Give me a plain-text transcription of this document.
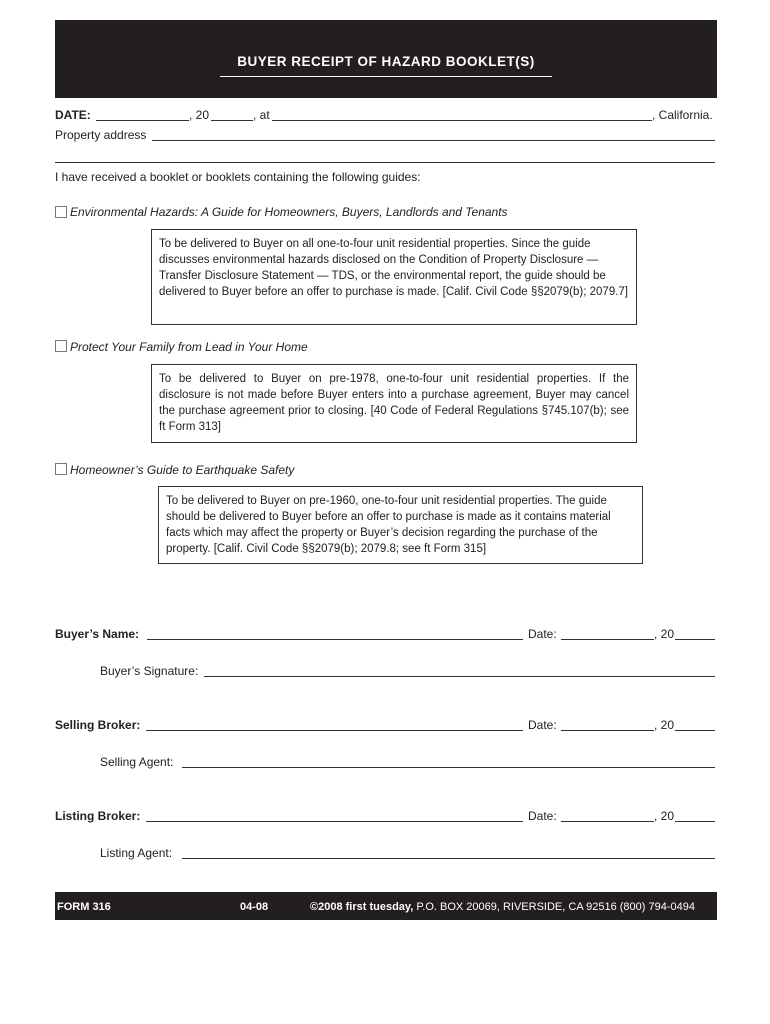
BUYER RECEIPT OF HAZARD BOOKLET(S)
DATE:	, 20	, at	, California.
Property address
I have received a booklet or booklets containing the following guides:
Environmental Hazards: A Guide for Homeowners, Buyers, Landlords and Tenants
To be delivered to Buyer on all one-to-four unit residential properties. Since the guide discusses environmental hazards disclosed on the Condition of Property Disclosure — Transfer Disclosure Statement — TDS, or the environmental report, the guide should be delivered to Buyer before an offer to purchase is made. [Calif. Civil Code §§2079(b); 2079.7]
Protect Your Family from Lead in Your Home
To be delivered to Buyer on pre-1978, one-to-four unit residential properties. If the disclosure is not made before Buyer enters into a purchase agreement, Buyer may cancel the purchase agreement prior to closing. [40 Code of Federal Regulations §745.107(b); see ft Form 313]
Homeowner’s Guide to Earthquake Safety
To be delivered to Buyer on pre-1960, one-to-four unit residential properties. The guide should be delivered to Buyer before an offer to purchase is made as it contains material facts which may affect the property or Buyer’s decision regarding the purchase of the property. [Calif. Civil Code §§2079(b); 2079.8; see ft Form 315]
Buyer’s Name:	Date:	, 20
Buyer’s Signature:
Selling Broker:	Date:	, 20
Selling Agent:
Listing Broker:	Date:	, 20
Listing Agent:
FORM 316	04-08	©2008 first tuesday, P.O. BOX 20069, RIVERSIDE, CA 92516 (800) 794-0494
